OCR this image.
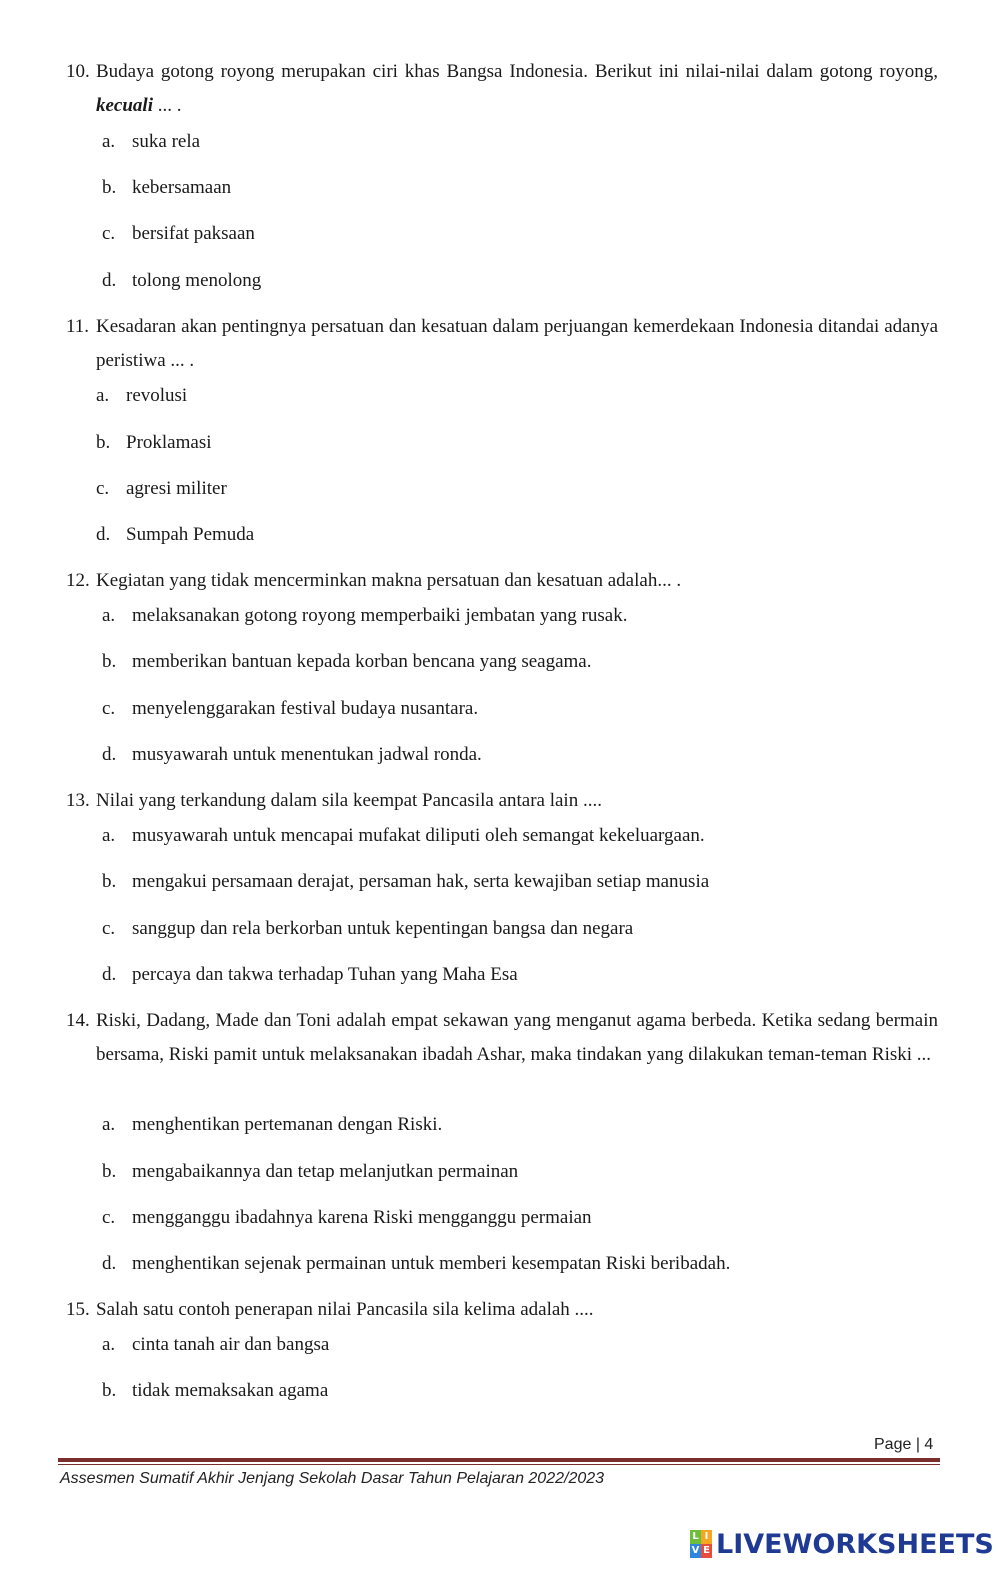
10. Budaya gotong royong merupakan ciri khas Bangsa Indonesia. Berikut ini nilai-nilai dalam gotong royong, kecuali ... .
a. suka rela
b. kebersamaan
c. bersifat paksaan
d. tolong menolong
11. Kesadaran akan pentingnya persatuan dan kesatuan dalam perjuangan kemerdekaan Indonesia ditandai adanya peristiwa ... .
a. revolusi
b. Proklamasi
c. agresi militer
d. Sumpah Pemuda
12. Kegiatan yang tidak mencerminkan makna persatuan dan kesatuan adalah... .
a. melaksanakan gotong royong memperbaiki jembatan yang rusak.
b. memberikan bantuan kepada korban bencana yang seagama.
c. menyelenggarakan festival budaya nusantara.
d. musyawarah untuk menentukan jadwal ronda.
13. Nilai yang terkandung dalam sila keempat Pancasila antara lain ....
a. musyawarah untuk mencapai mufakat diliputi oleh semangat kekeluargaan.
b. mengakui persamaan derajat, persaman hak, serta kewajiban setiap manusia
c. sanggup dan rela berkorban untuk kepentingan bangsa dan negara
d. percaya dan takwa terhadap Tuhan yang Maha Esa
14. Riski, Dadang, Made dan Toni adalah empat sekawan yang menganut agama berbeda. Ketika sedang bermain bersama, Riski pamit untuk melaksanakan ibadah Ashar, maka tindakan yang dilakukan teman-teman Riski ...
a. menghentikan pertemanan dengan Riski.
b. mengabaikannya dan tetap melanjutkan permainan
c. mengganggu ibadahnya karena Riski mengganggu permaian
d. menghentikan sejenak permainan untuk memberi kesempatan Riski beribadah.
15. Salah satu contoh penerapan nilai Pancasila sila kelima adalah ....
a. cinta tanah air dan bangsa
b. tidak memaksakan agama
Page | 4
Assesmen Sumatif Akhir Jenjang Sekolah Dasar Tahun Pelajaran 2022/2023
L I
V E LIVEWORKSHEETS
